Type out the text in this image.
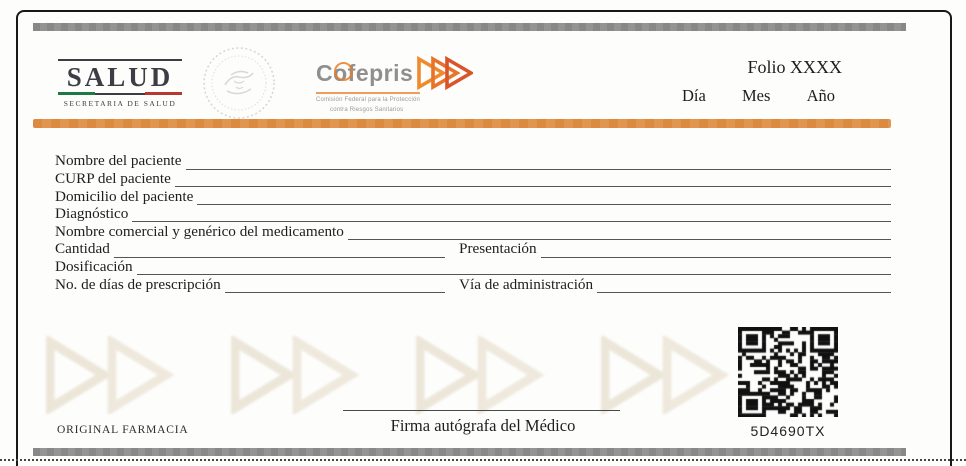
SALUD
SECRETARIA DE SALUD
Cofepris
Comisión Federal para la Protección
contra Riesgos Sanitarios
Folio XXXX
Día Mes Año
Nombre del paciente
CURP del paciente
Domicilio del paciente
Diagnóstico
Nombre comercial y genérico del medicamento
Cantidad	Presentación
Dosificación
No. de días de prescripción	Vía de administración
5D4690TX
Firma autógrafa del Médico
ORIGINAL FARMACIA
